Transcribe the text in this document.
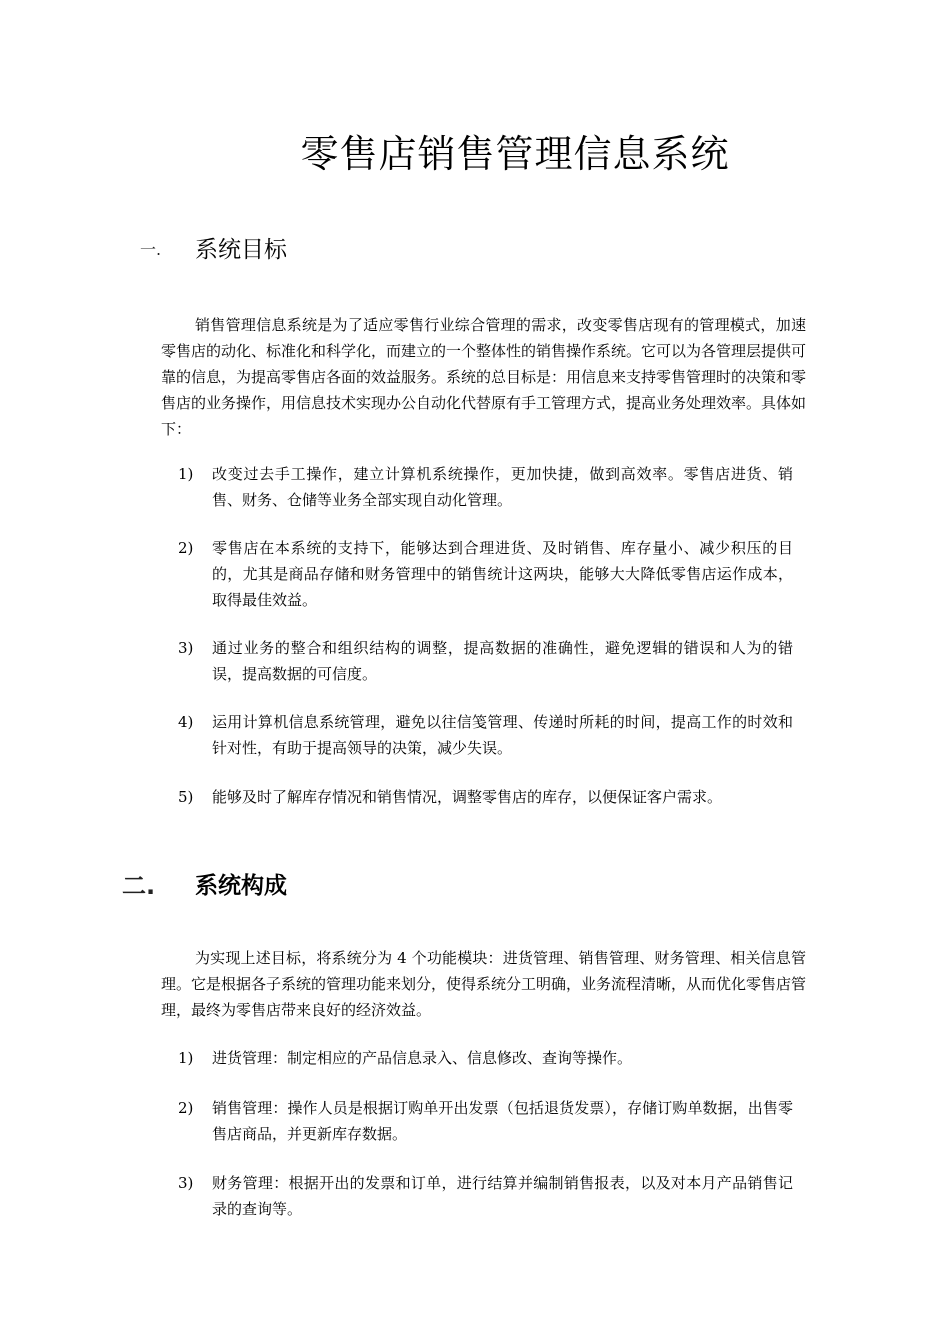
零售店销售管理信息系统
一. 系统目标

销售管理信息系统是为了适应零售行业综合管理的需求，改变零售店现有的管理模式，加速零售店的动化、标准化和科学化，而建立的一个整体性的销售操作系统。它可以为各管理层提供可靠的信息，为提高零售店各面的效益服务。系统的总目标是：用信息来支持零售管理时的决策和零售店的业务操作，用信息技术实现办公自动化代替原有手工管理方式，提高业务处理效率。具体如下：

1)	改变过去手工操作，建立计算机系统操作，更加快捷，做到高效率。零售店进货、销售、财务、仓储等业务全部实现自动化管理。
2)	零售店在本系统的支持下，能够达到合理进货、及时销售、库存量小、减少积压的目的，尤其是商品存储和财务管理中的销售统计这两块，能够大大降低零售店运作成本，取得最佳效益。
3)	通过业务的整合和组织结构的调整，提高数据的准确性，避免逻辑的错误和人为的错误，提高数据的可信度。
4)	运用计算机信息系统管理，避免以往信笺管理、传递时所耗的时间，提高工作的时效和针对性，有助于提高领导的决策，减少失误。
5)	能够及时了解库存情况和销售情况，调整零售店的库存，以便保证客户需求。
二. 系统构成

为实现上述目标，将系统分为 4 个功能模块：进货管理、销售管理、财务管理、相关信息管理。它是根据各子系统的管理功能来划分，使得系统分工明确，业务流程清晰，从而优化零售店管理，最终为零售店带来良好的经济效益。

1)	进货管理：制定相应的产品信息录入、信息修改、查询等操作。
2)	销售管理：操作人员是根据订购单开出发票（包括退货发票），存储订购单数据，出售零售店商品，并更新库存数据。
3)	财务管理：根据开出的发票和订单，进行结算并编制销售报表，以及对本月产品销售记录的查询等。
